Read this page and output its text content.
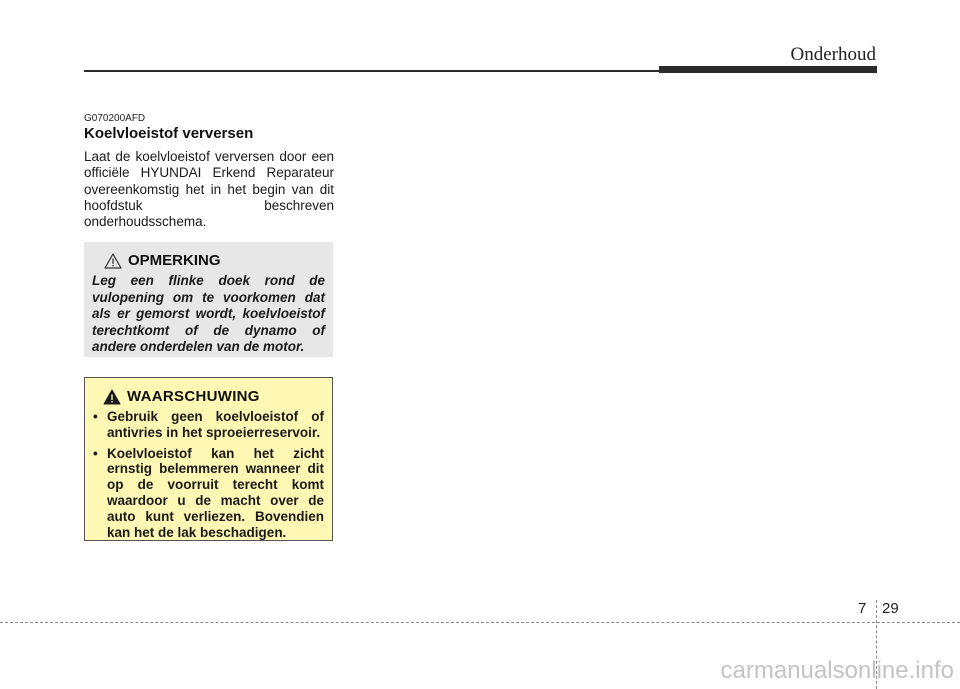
Onderhoud
G070200AFD
Koelvloeistof verversen
Laat de koelvloeistof verversen door een officiële HYUNDAI Erkend Reparateur overeenkomstig het in het begin van dit hoofdstuk beschreven onderhoudsschema.
OPMERKING
Leg een flinke doek rond de vulopening om te voorkomen dat als er gemorst wordt, koelvloeistof terechtkomt of de dynamo of andere onderdelen van de motor.
WAARSCHUWING
• Gebruik geen koelvloeistof of antivries in het sproeierreservoir.
• Koelvloeistof kan het zicht ernstig belemmeren wanneer dit op de voorruit terecht komt waardoor u de macht over de auto kunt verliezen. Bovendien kan het de lak beschadigen.
7 29
carmanualsonline.info
